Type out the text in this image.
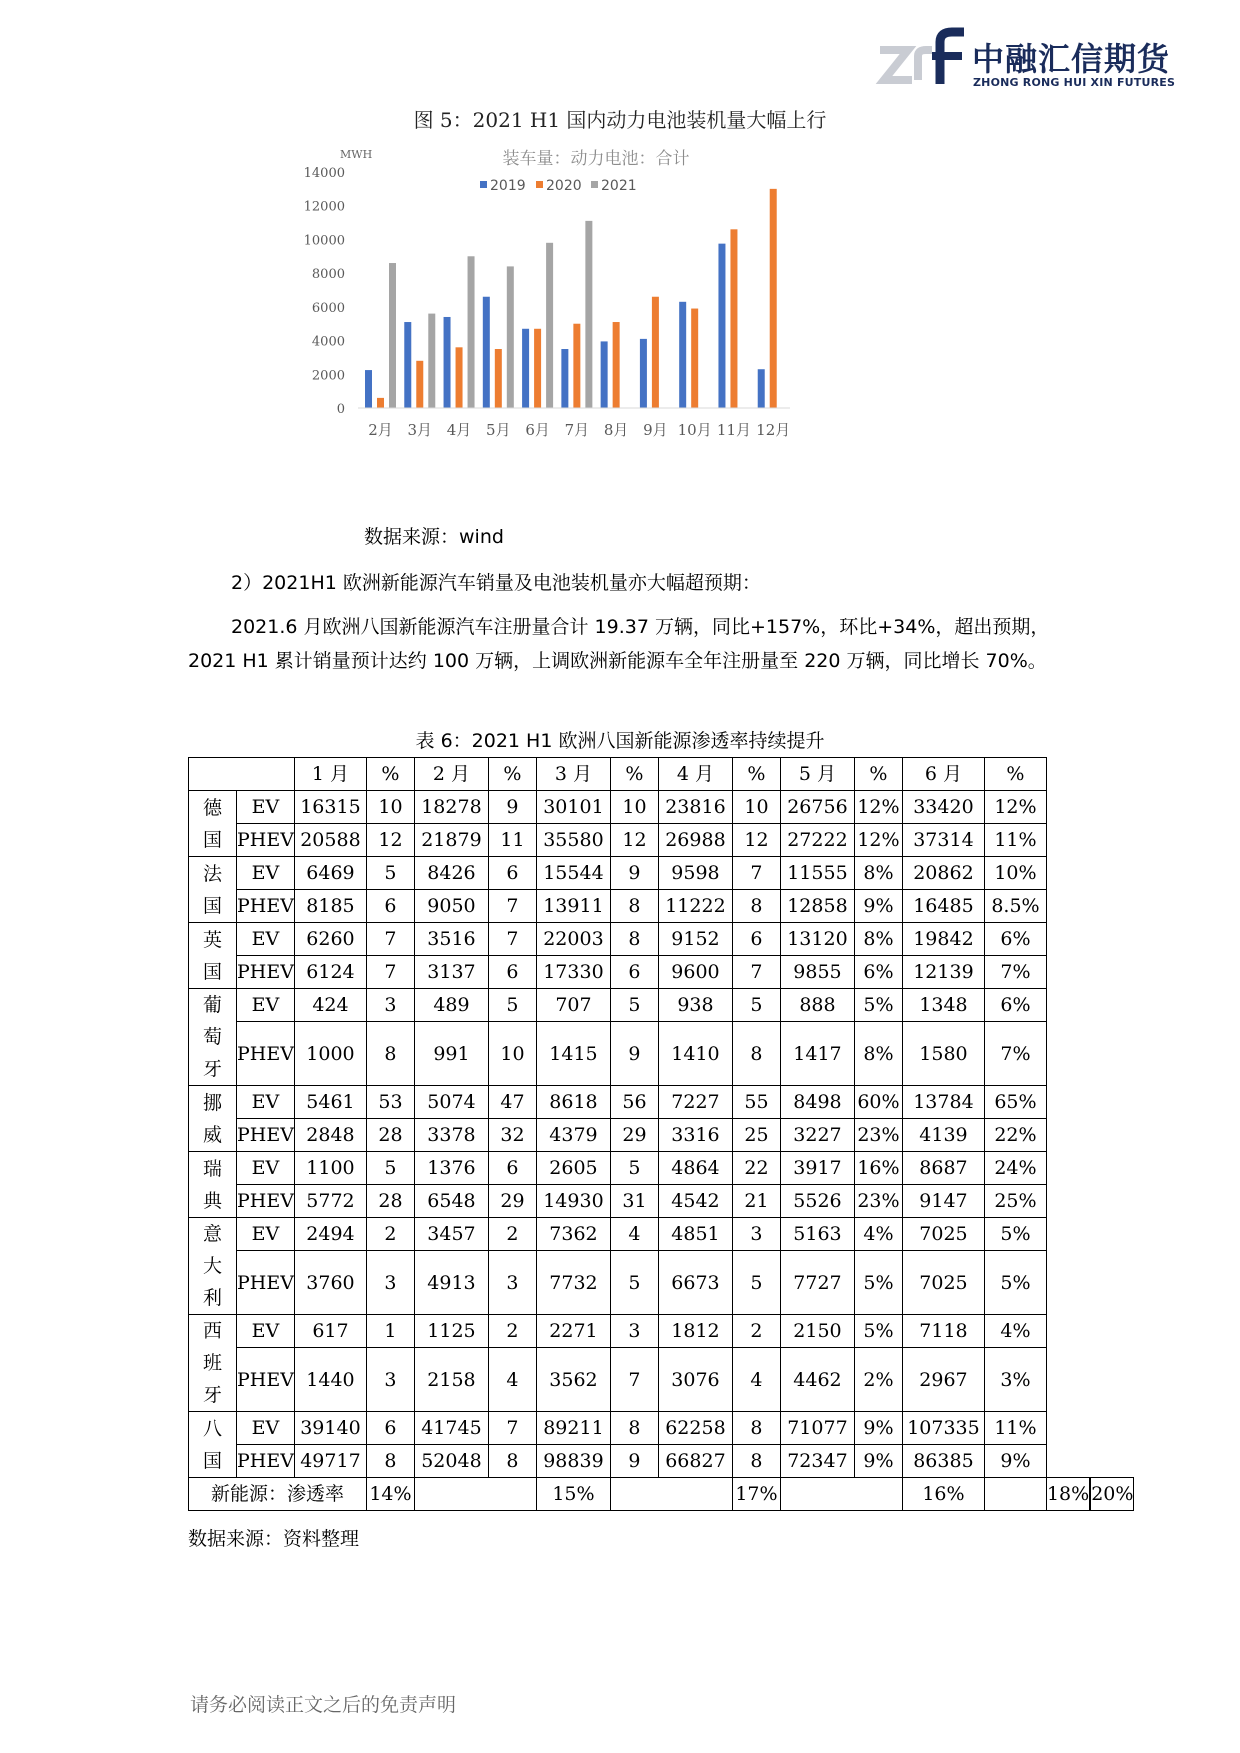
中融汇信期货
ZHONG RONG HUI XIN FUTURES
图 5：2021 H1 国内动力电池装机量大幅上行
MWH
0
2000
4000
6000
8000
10000
12000
14000
装车量：动力电池：合计
2019 2020 2021
2月 3月 4月 5月 6月 7月 8月 9月 10月 11月 12月
数据来源：wind
2）2021H1 欧洲新能源汽车销量及电池装机量亦大幅超预期：
2021.6 月欧洲八国新能源汽车注册量合计 19.37 万辆，同比+157%，环比+34%，超出预期，2021 H1 累计销量预计达约 100 万辆，上调欧洲新能源车全年注册量至 220 万辆，同比增长 70%。
表 6：2021 H1 欧洲八国新能源渗透率持续提升
		1 月	%	2 月	%	3 月	%	4 月	%	5 月	%	6 月	%		

德
国	EV	16315	10	18278	9	30101	10	23816	10	26756	12%	33420	12%		
	PHEV	20588	12	21879	11	35580	12	26988	12	27222	12%	37314	11%		

法
国	EV	6469	5	8426	6	15544	9	9598	7	11555	8%	20862	10%		
	PHEV	8185	6	9050	7	13911	8	11222	8	12858	9%	16485	8.5%		

英
国	EV	6260	7	3516	7	22003	8	9152	6	13120	8%	19842	6%		
	PHEV	6124	7	3137	6	17330	6	9600	7	9855	6%	12139	7%		

葡
萄
牙	EV	424	3	489	5	707	5	938	5	888	5%	1348	6%		
	PHEV	1000	8	991	10	1415	9	1410	8	1417	8%	1580	7%		

挪
威	EV	5461	53	5074	47	8618	56	7227	55	8498	60%	13784	65%		
	PHEV	2848	28	3378	32	4379	29	3316	25	3227	23%	4139	22%		

瑞
典	EV	1100	5	1376	6	2605	5	4864	22	3917	16%	8687	24%		
	PHEV	5772	28	6548	29	14930	31	4542	21	5526	23%	9147	25%		

意
大
利	EV	2494	2	3457	2	7362	4	4851	3	5163	4%	7025	5%		
	PHEV	3760	3	4913	3	7732	5	6673	5	7727	5%	7025	5%		

西
班
牙	EV	617	1	1125	2	2271	3	1812	2	2150	5%	7118	4%		
	PHEV	1440	3	2158	4	3562	7	3076	4	4462	2%	2967	3%		

八
国	EV	39140	6	41745	7	89211	8	62258	8	71077	9%	107335	11%		
	PHEV	49717	8	52048	8	98839	9	66827	8	72347	9%	86385	9%		
新能源：渗透率			14%			15%			17%			16%		18%		20%
数据来源：资料整理
请务必阅读正文之后的免责声明
